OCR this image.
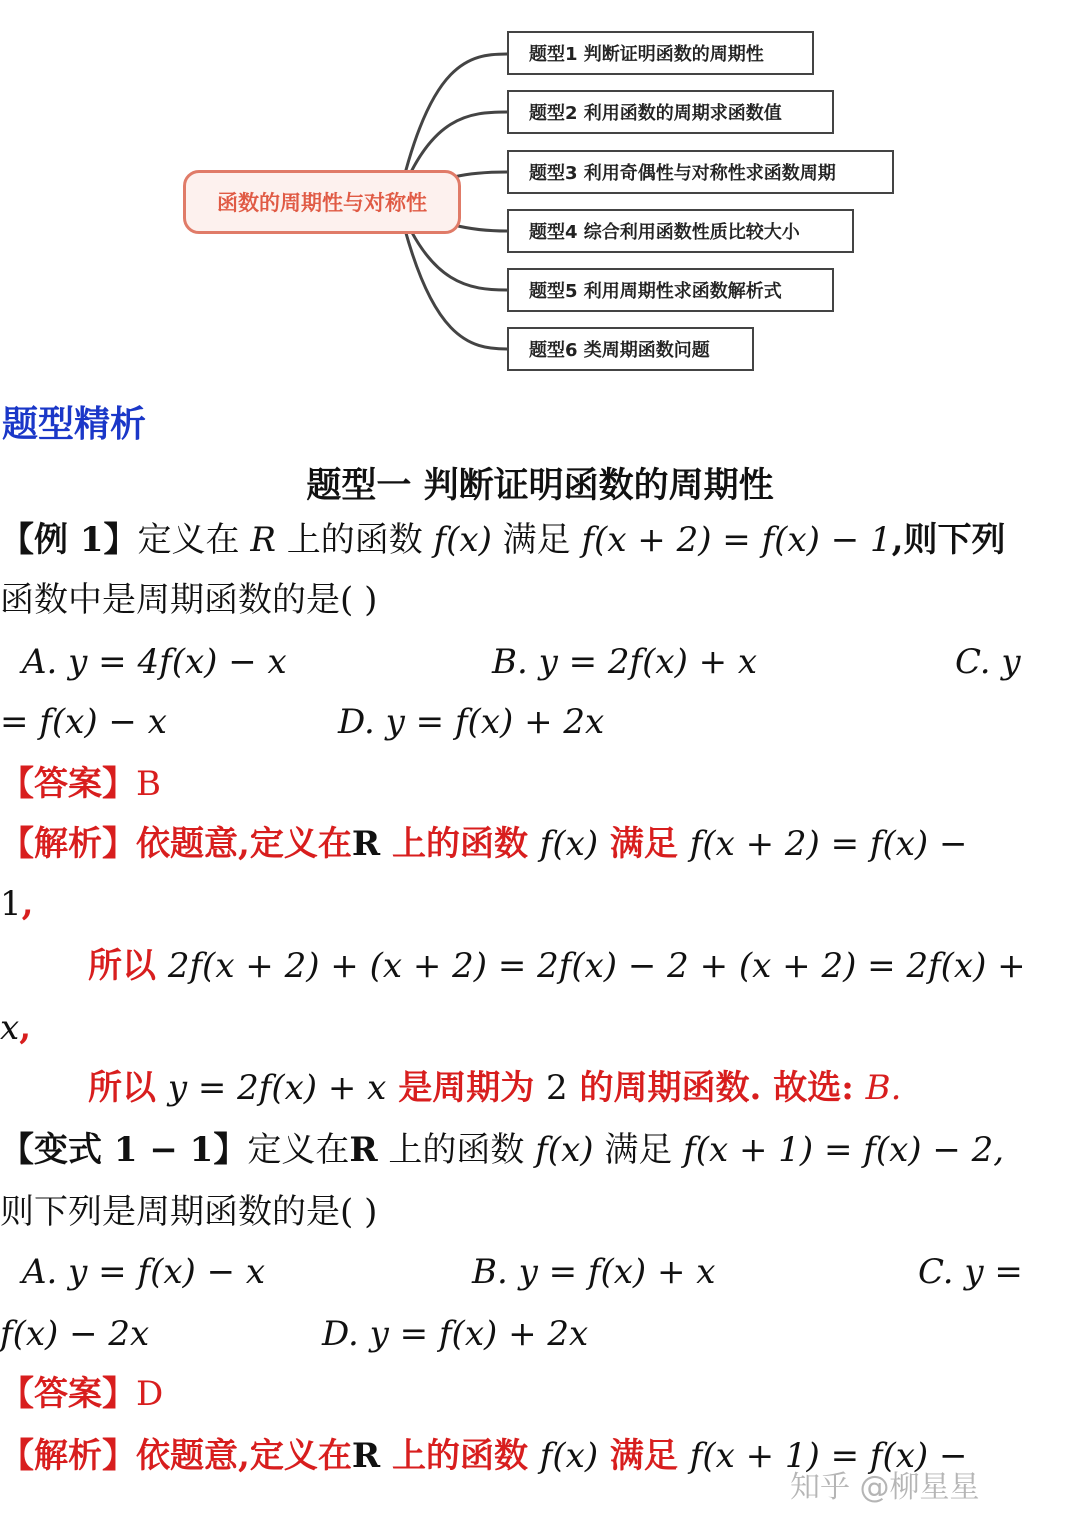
函数的周期性与对称性
题型1 判断证明函数的周期性
题型2 利用函数的周期求函数值
题型3 利用奇偶性与对称性求函数周期
题型4 综合利用函数性质比较大小
题型5 利用周期性求函数解析式
题型6 类周期函数问题
题型精析
题型一 判断证明函数的周期性
【例 1】定义在 R 上的函数 f(x) 满足 f(x + 2) = f(x) − 1,则下列
函数中是周期函数的是( )
A. y = 4f(x) − x	B. y = 2f(x) + x	C. y
= f(x) − x	D. y = f(x) + 2x
【答案】B
【解析】依题意,定义在R 上的函数 f(x) 满足 f(x + 2) = f(x) −
1,
所以 2f(x + 2) + (x + 2) = 2f(x) − 2 + (x + 2) = 2f(x) +
x,
所以 y = 2f(x) + x 是周期为 2 的周期函数. 故选: B.
【变式 1 − 1】定义在R 上的函数 f(x) 满足 f(x + 1) = f(x) − 2,
则下列是周期函数的是( )
A. y = f(x) − x	B. y = f(x) + x	C. y =
f(x) − 2x	D. y = f(x) + 2x
【答案】D
【解析】依题意,定义在R 上的函数 f(x) 满足 f(x + 1) = f(x) −
知乎 @柳星星
